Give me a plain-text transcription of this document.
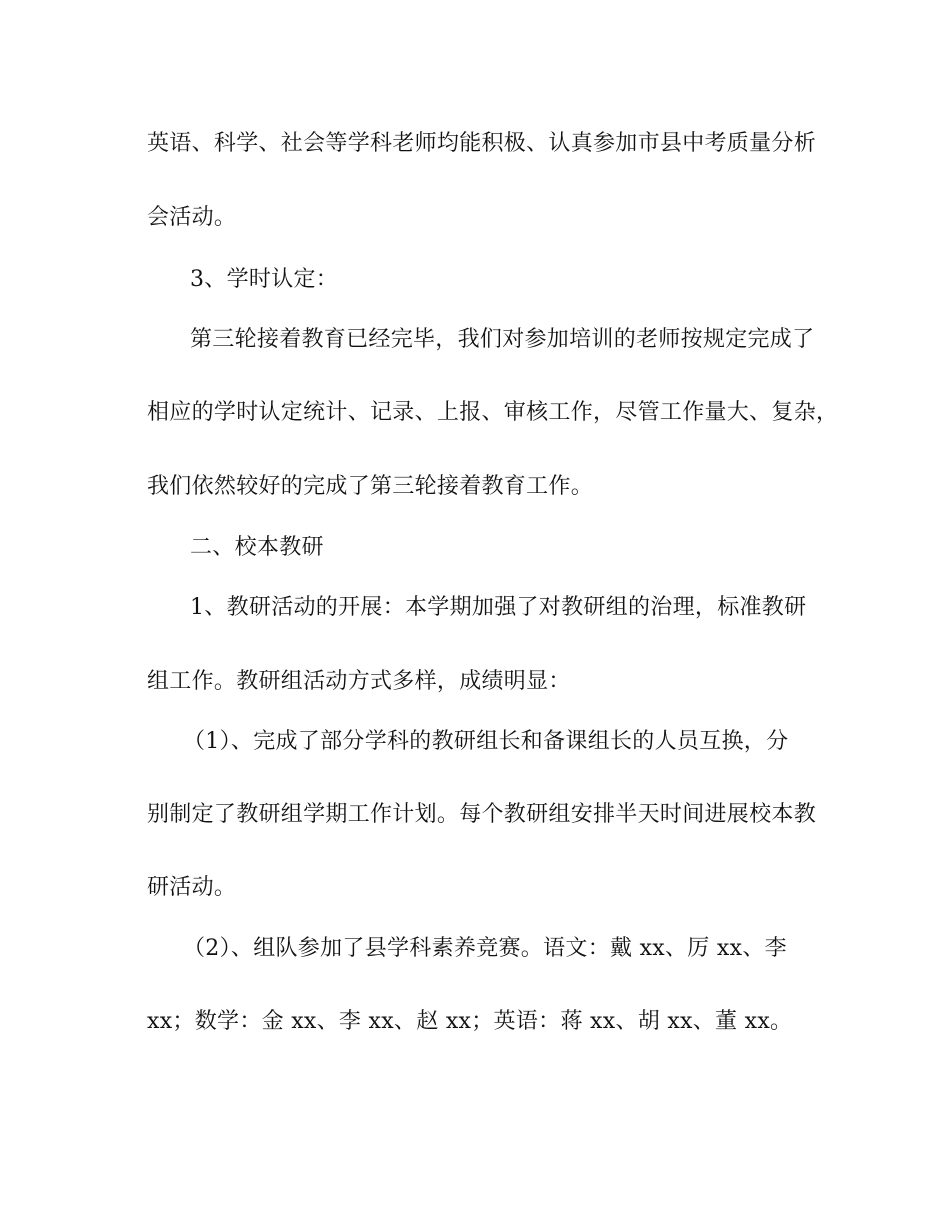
英语、科学、社会等学科老师均能积极、认真参加市县中考质量分析
会活动。
3、学时认定：
第三轮接着教育已经完毕，我们对参加培训的老师按规定完成了
相应的学时认定统计、记录、上报、审核工作，尽管工作量大、复杂，
我们依然较好的完成了第三轮接着教育工作。
二、校本教研
1、教研活动的开展：本学期加强了对教研组的治理，标准教研
组工作。教研组活动方式多样，成绩明显：
（1）、完成了部分学科的教研组长和备课组长的人员互换，分
别制定了教研组学期工作计划。每个教研组安排半天时间进展校本教
研活动。
（2）、组队参加了县学科素养竞赛。语文：戴 xx、厉 xx、李
xx；数学：金 xx、李 xx、赵 xx；英语：蒋 xx、胡 xx、董 xx。
